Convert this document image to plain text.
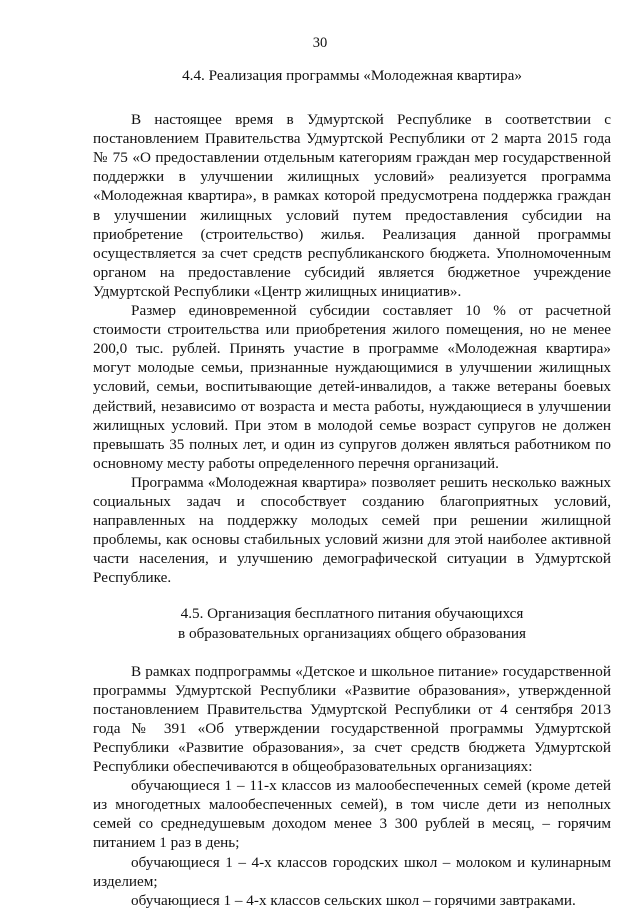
30
4.4. Реализация программы «Молодежная квартира»

В настоящее время в Удмуртской Республике в соответствии с постановлением Правительства Удмуртской Республики от 2 марта 2015 года № 75 «О предоставлении отдельным категориям граждан мер государственной поддержки в улучшении жилищных условий» реализуется программа «Молодежная квартира», в рамках которой предусмотрена поддержка граждан в улучшении жилищных условий путем предоставления субсидии на приобретение (строительство) жилья. Реализация данной программы осуществляется за счет средств республиканского бюджета. Уполномоченным органом на предоставление субсидий является бюджетное учреждение Удмуртской Республики «Центр жилищных инициатив».

Размер единовременной субсидии составляет 10 % от расчетной стоимости строительства или приобретения жилого помещения, но не менее 200,0 тыс. рублей. Принять участие в программе «Молодежная квартира» могут молодые семьи, признанные нуждающимися в улучшении жилищных условий, семьи, воспитывающие детей-инвалидов, а также ветераны боевых действий, независимо от возраста и места работы, нуждающиеся в улучшении жилищных условий. При этом в молодой семье возраст супругов не должен превышать 35 полных лет, и один из супругов должен являться работником по основному месту работы определенного перечня организаций.

Программа «Молодежная квартира» позволяет решить несколько важных социальных задач и способствует созданию благоприятных условий, направленных на поддержку молодых семей при решении жилищной проблемы, как основы стабильных условий жизни для этой наиболее активной части населения, и улучшению демографической ситуации в Удмуртской Республике.

4.5. Организация бесплатного питания обучающихся
в образовательных организациях общего образования

В рамках подпрограммы «Детское и школьное питание» государственной программы Удмуртской Республики «Развитие образования», утвержденной постановлением Правительства Удмуртской Республики от 4 сентября 2013 года № 391 «Об утверждении государственной программы Удмуртской Республики «Развитие образования», за счет средств бюджета Удмуртской Республики обеспечиваются в общеобразовательных организациях:

обучающиеся 1 – 11-х классов из малообеспеченных семей (кроме детей из многодетных малообеспеченных семей), в том числе дети из неполных семей со среднедушевым доходом менее 3 300 рублей в месяц, – горячим питанием 1 раз в день;

обучающиеся 1 – 4-х классов городских школ – молоком и кулинарным изделием;

обучающиеся 1 – 4-х классов сельских школ – горячими завтраками.
